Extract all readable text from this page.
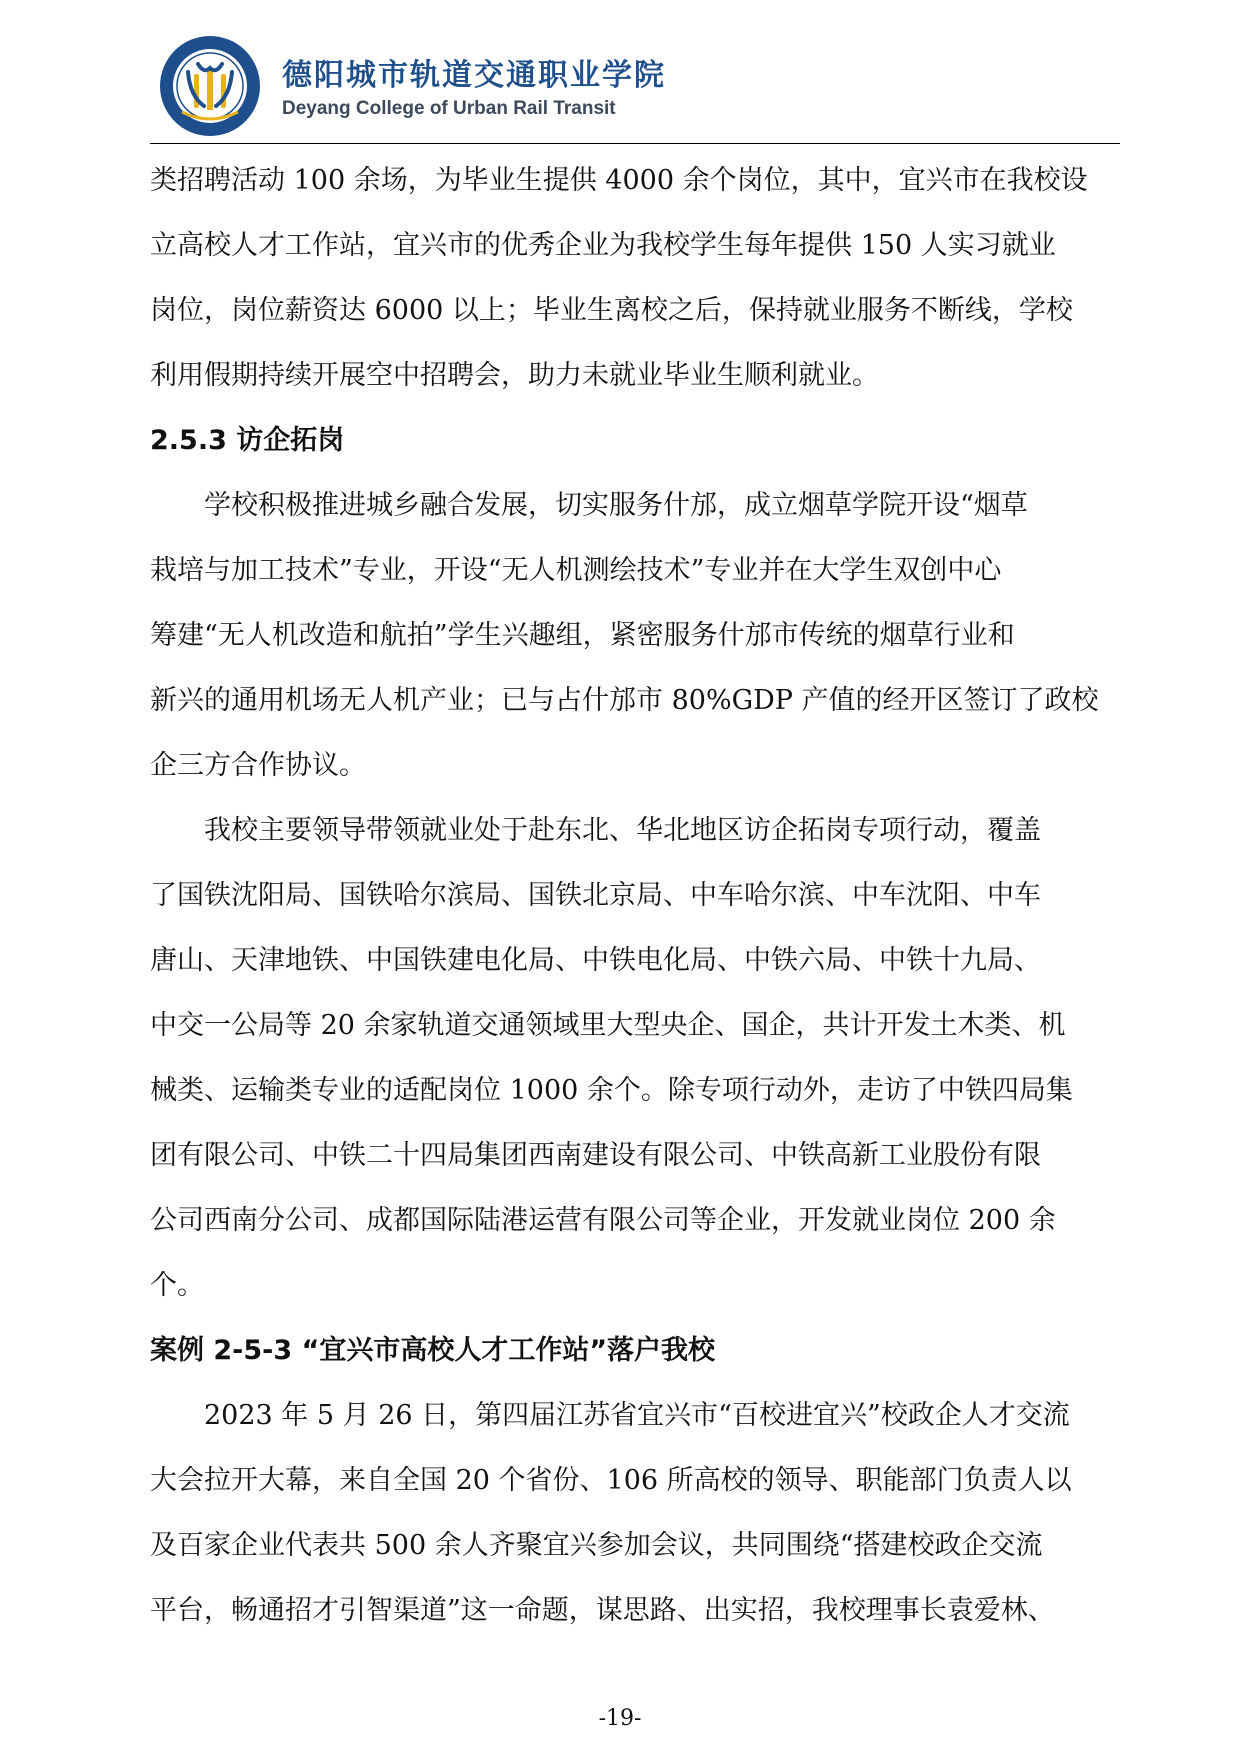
德阳城市轨道交通职业学院
Deyang College of Urban Rail Transit

类招聘活动 100 余场，为毕业生提供 4000 余个岗位，其中，宜兴市在我校设

立高校人才工作站，宜兴市的优秀企业为我校学生每年提供 150 人实习就业

岗位，岗位薪资达 6000 以上；毕业生离校之后，保持就业服务不断线，学校

利用假期持续开展空中招聘会，助力未就业毕业生顺利就业。

2.5.3 访企拓岗

学校积极推进城乡融合发展，切实服务什邡，成立烟草学院开设“烟草

栽培与加工技术”专业，开设“无人机测绘技术”专业并在大学生双创中心

筹建“无人机改造和航拍”学生兴趣组，紧密服务什邡市传统的烟草行业和

新兴的通用机场无人机产业；已与占什邡市 80%GDP 产值的经开区签订了政校

企三方合作协议。

我校主要领导带领就业处于赴东北、华北地区访企拓岗专项行动，覆盖

了国铁沈阳局、国铁哈尔滨局、国铁北京局、中车哈尔滨、中车沈阳、中车

唐山、天津地铁、中国铁建电化局、中铁电化局、中铁六局、中铁十九局、

中交一公局等 20 余家轨道交通领域里大型央企、国企，共计开发土木类、机

械类、运输类专业的适配岗位 1000 余个。除专项行动外，走访了中铁四局集

团有限公司、中铁二十四局集团西南建设有限公司、中铁高新工业股份有限

公司西南分公司、成都国际陆港运营有限公司等企业，开发就业岗位 200 余

个。

案例 2-5-3 “宜兴市高校人才工作站”落户我校

2023 年 5 月 26 日，第四届江苏省宜兴市“百校进宜兴”校政企人才交流

大会拉开大幕，来自全国 20 个省份、106 所高校的领导、职能部门负责人以

及百家企业代表共 500 余人齐聚宜兴参加会议，共同围绕“搭建校政企交流

平台，畅通招才引智渠道”这一命题，谋思路、出实招，我校理事长袁爱林、

-19-
